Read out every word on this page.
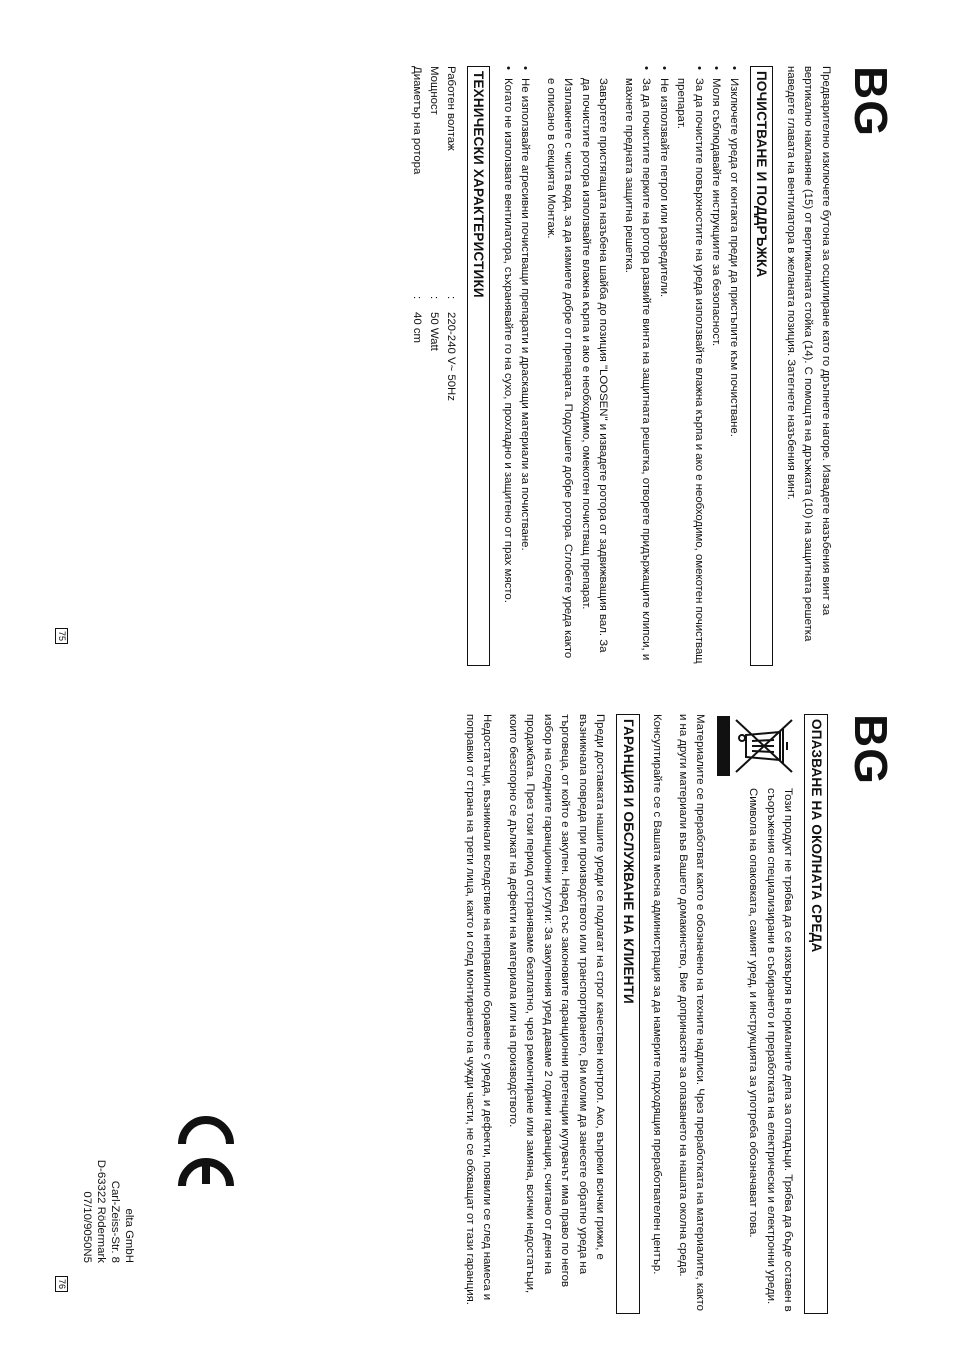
BG

Предварително изключете бутона за осцилиране като го дръпнете нагоре. Извадете назъбения винт за вертикално накланяне (15) от вертикалната стойка (14). С помощта на дръжката (10) на защитната решетка наведете главата на вентилатора в желаната позиция. Затегнете назъбения винт.

ПОЧИСТВАНЕ И ПОДДРЪЖКА
• Изключете уреда от контакта преди да пристъпите към почистване.
• Моля съблюдавайте инструкциите за безопасност.
• За да почистите повърхностите на уреда използвайте влажна кърпа и ако е необходимо, омекотен почистващ препарат.
• Не използвайте петрол или разредители.
• За да почистите перките на ротора развийте винта на защитната решетка, отворете придържащите клипси, и махнете предната защитна решетка.

Завъртете пристягащата назъбена шайба до позиция "LOOSEN" и извадете ротора от задвижващия вал. За да почистите ротора използвайте влажна кърпа и ако е необходимо, омекотен почистващ препарат. Изплакнете с чиста вода, за да измиете добре от препарата. Подсушете добре ротора. Сглобете уреда както е описано в секцията Монтаж.

• Не използвайте агресивни почистващи препарати и драскащи материали за почистване.
• Когато не използвате вентилатора, съхранявайте го на сухо, прохладно и защитено от прах място.
ТЕХНИЧЕСКИ ХАРАКТЕРИСТИКИ
Работен волтаж	:	220-240 V~ 50Hz
Мощност	:	50 Watt
Диаметър на ротора	:	40 cm
75
BG
ОПАЗВАНЕ НА ОКОЛНАТА СРЕДА
Този продукт не трябва да се изхвърля в нормалните депа за отпадъци. Трябва да бъде оставен в съоръжения специализирани в събирането и преработката на електрически и електронни уреди. Символа на опаковката, самият уред, и инструкцията за употреба обозначават това.

Материалите се преработват както е обозначено на техните надписи. Чрез преработката на материалите, както и на други материали във Вашето домакинство, Вие допринасяте за опазването на нашата околна среда.

Консултирайте се с Вашата месна администрация за да намерите подходящия преработвателен център.

ГАРАНЦИЯ И ОБСЛУЖВАНЕ НА КЛИЕНТИ

Преди доставката нашите уреди се подлагат на строг качествен контрол. Ако, въпреки всички грижи, е възникнала повреда при производството или транспортирането, Ви молим да занесете обратно уреда на търговеца, от който е закупен. Наред със законовите гаранционни претенции купувачът има право по негов избор на следните гаранционни услуги: За закупения уред даваме 2 години гаранция, считано от деня на продажбата. През този период отстраняваме безплатно, чрез ремонтиране или замяна, всички недостатъци, които безспорно се дължат на дефекти на материала или на производството.

Недостатъци, възникнали вследствие на неправилно боравене с уреда, и дефекти, появили се след намеса и поправки от страна на трети лица, както и след монтирането на чужди части, не се обхващат от тази гаранция.

elta GmbH
Carl-Zeiss-Str. 8
D-63322 Rödermark
07/10/9050N5
76
